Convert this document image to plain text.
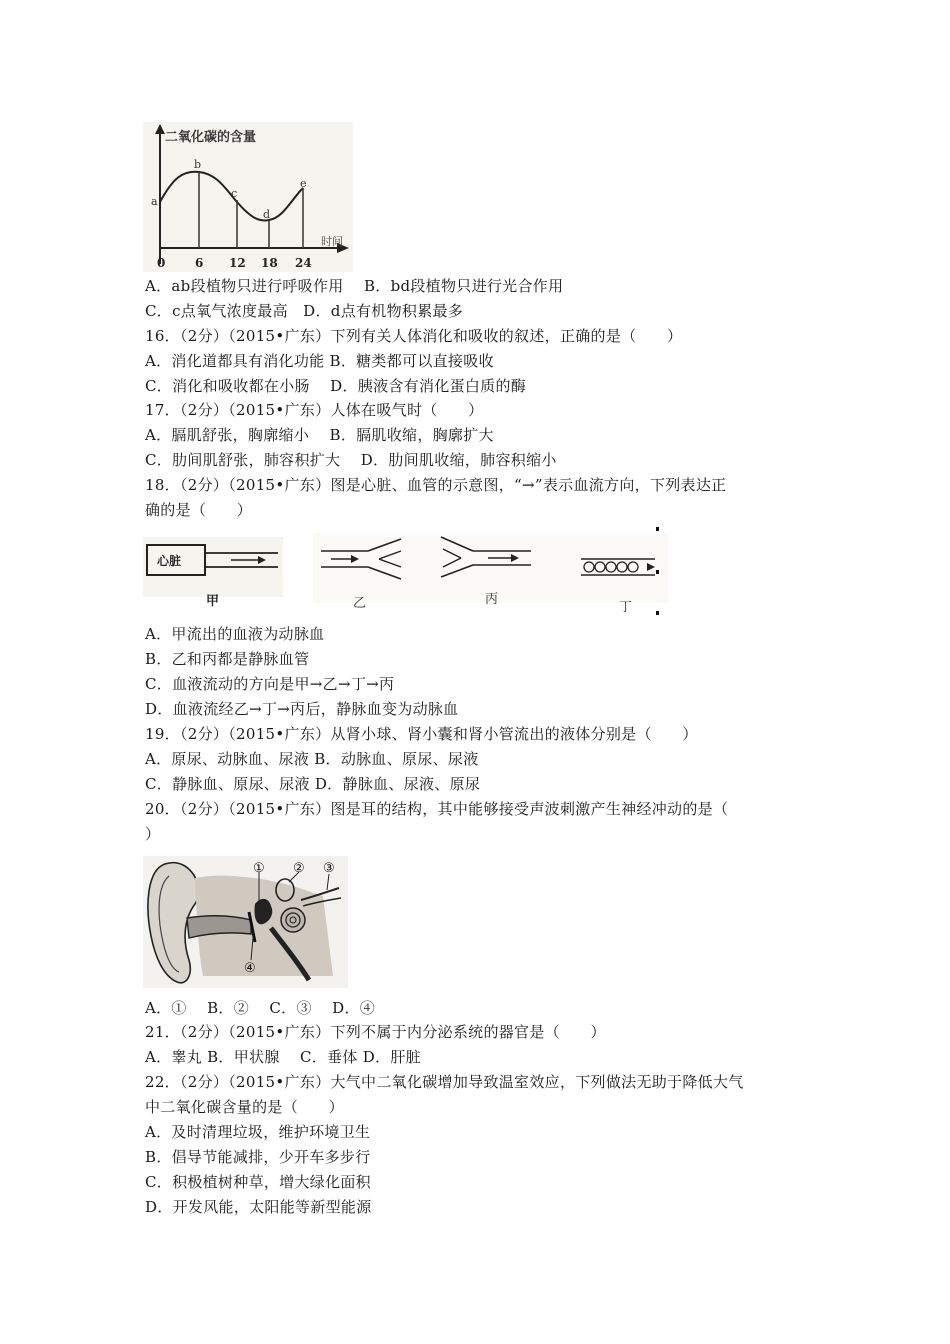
二氧化碳的含量
时间
a
b
c
d
e
0 6 12 18 24
A．ab段植物只进行呼吸作用　 B．bd段植物只进行光合作用
C．c点氧气浓度最高　D．d点有机物积累最多
16．（2分）（2015•广东）下列有关人体消化和吸收的叙述，正确的是（　　）
A．消化道都具有消化功能 B．糖类都可以直接吸收
C．消化和吸收都在小肠　 D．胰液含有消化蛋白质的酶
17．（2分）（2015•广东）人体在吸气时（　　）
A．膈肌舒张，胸廓缩小　 B．膈肌收缩，胸廓扩大
C．肋间肌舒张，肺容积扩大　 D．肋间肌收缩，肺容积缩小
18．（2分）（2015•广东）图是心脏、血管的示意图，“→”表示血流方向，下列表达正
确的是（　　）
心脏
甲	乙	丙
丁
A．甲流出的血液为动脉血
B．乙和丙都是静脉血管
C．血液流动的方向是甲→乙→丁→丙
D．血液流经乙→丁→丙后，静脉血变为动脉血
19．（2分）（2015•广东）从肾小球、肾小囊和肾小管流出的液体分别是（　　）
A．原尿、动脉血、尿液 B．动脉血、原尿、尿液
C．静脉血、原尿、尿液 D．静脉血、尿液、原尿
20．（2分）（2015•广东）图是耳的结构，其中能够接受声波刺激产生神经冲动的是（
）
① ② ③
④
A．①　 B．②　 C．③　 D．④
21．（2分）（2015•广东）下列不属于内分泌系统的器官是（　　）
A．睾丸 B．甲状腺　 C．垂体 D．肝脏
22．（2分）（2015•广东）大气中二氧化碳增加导致温室效应，下列做法无助于降低大气
中二氧化碳含量的是（　　）
A．及时清理垃圾，维护环境卫生
B．倡导节能减排，少开车多步行
C．积极植树种草，增大绿化面积
D．开发风能，太阳能等新型能源
